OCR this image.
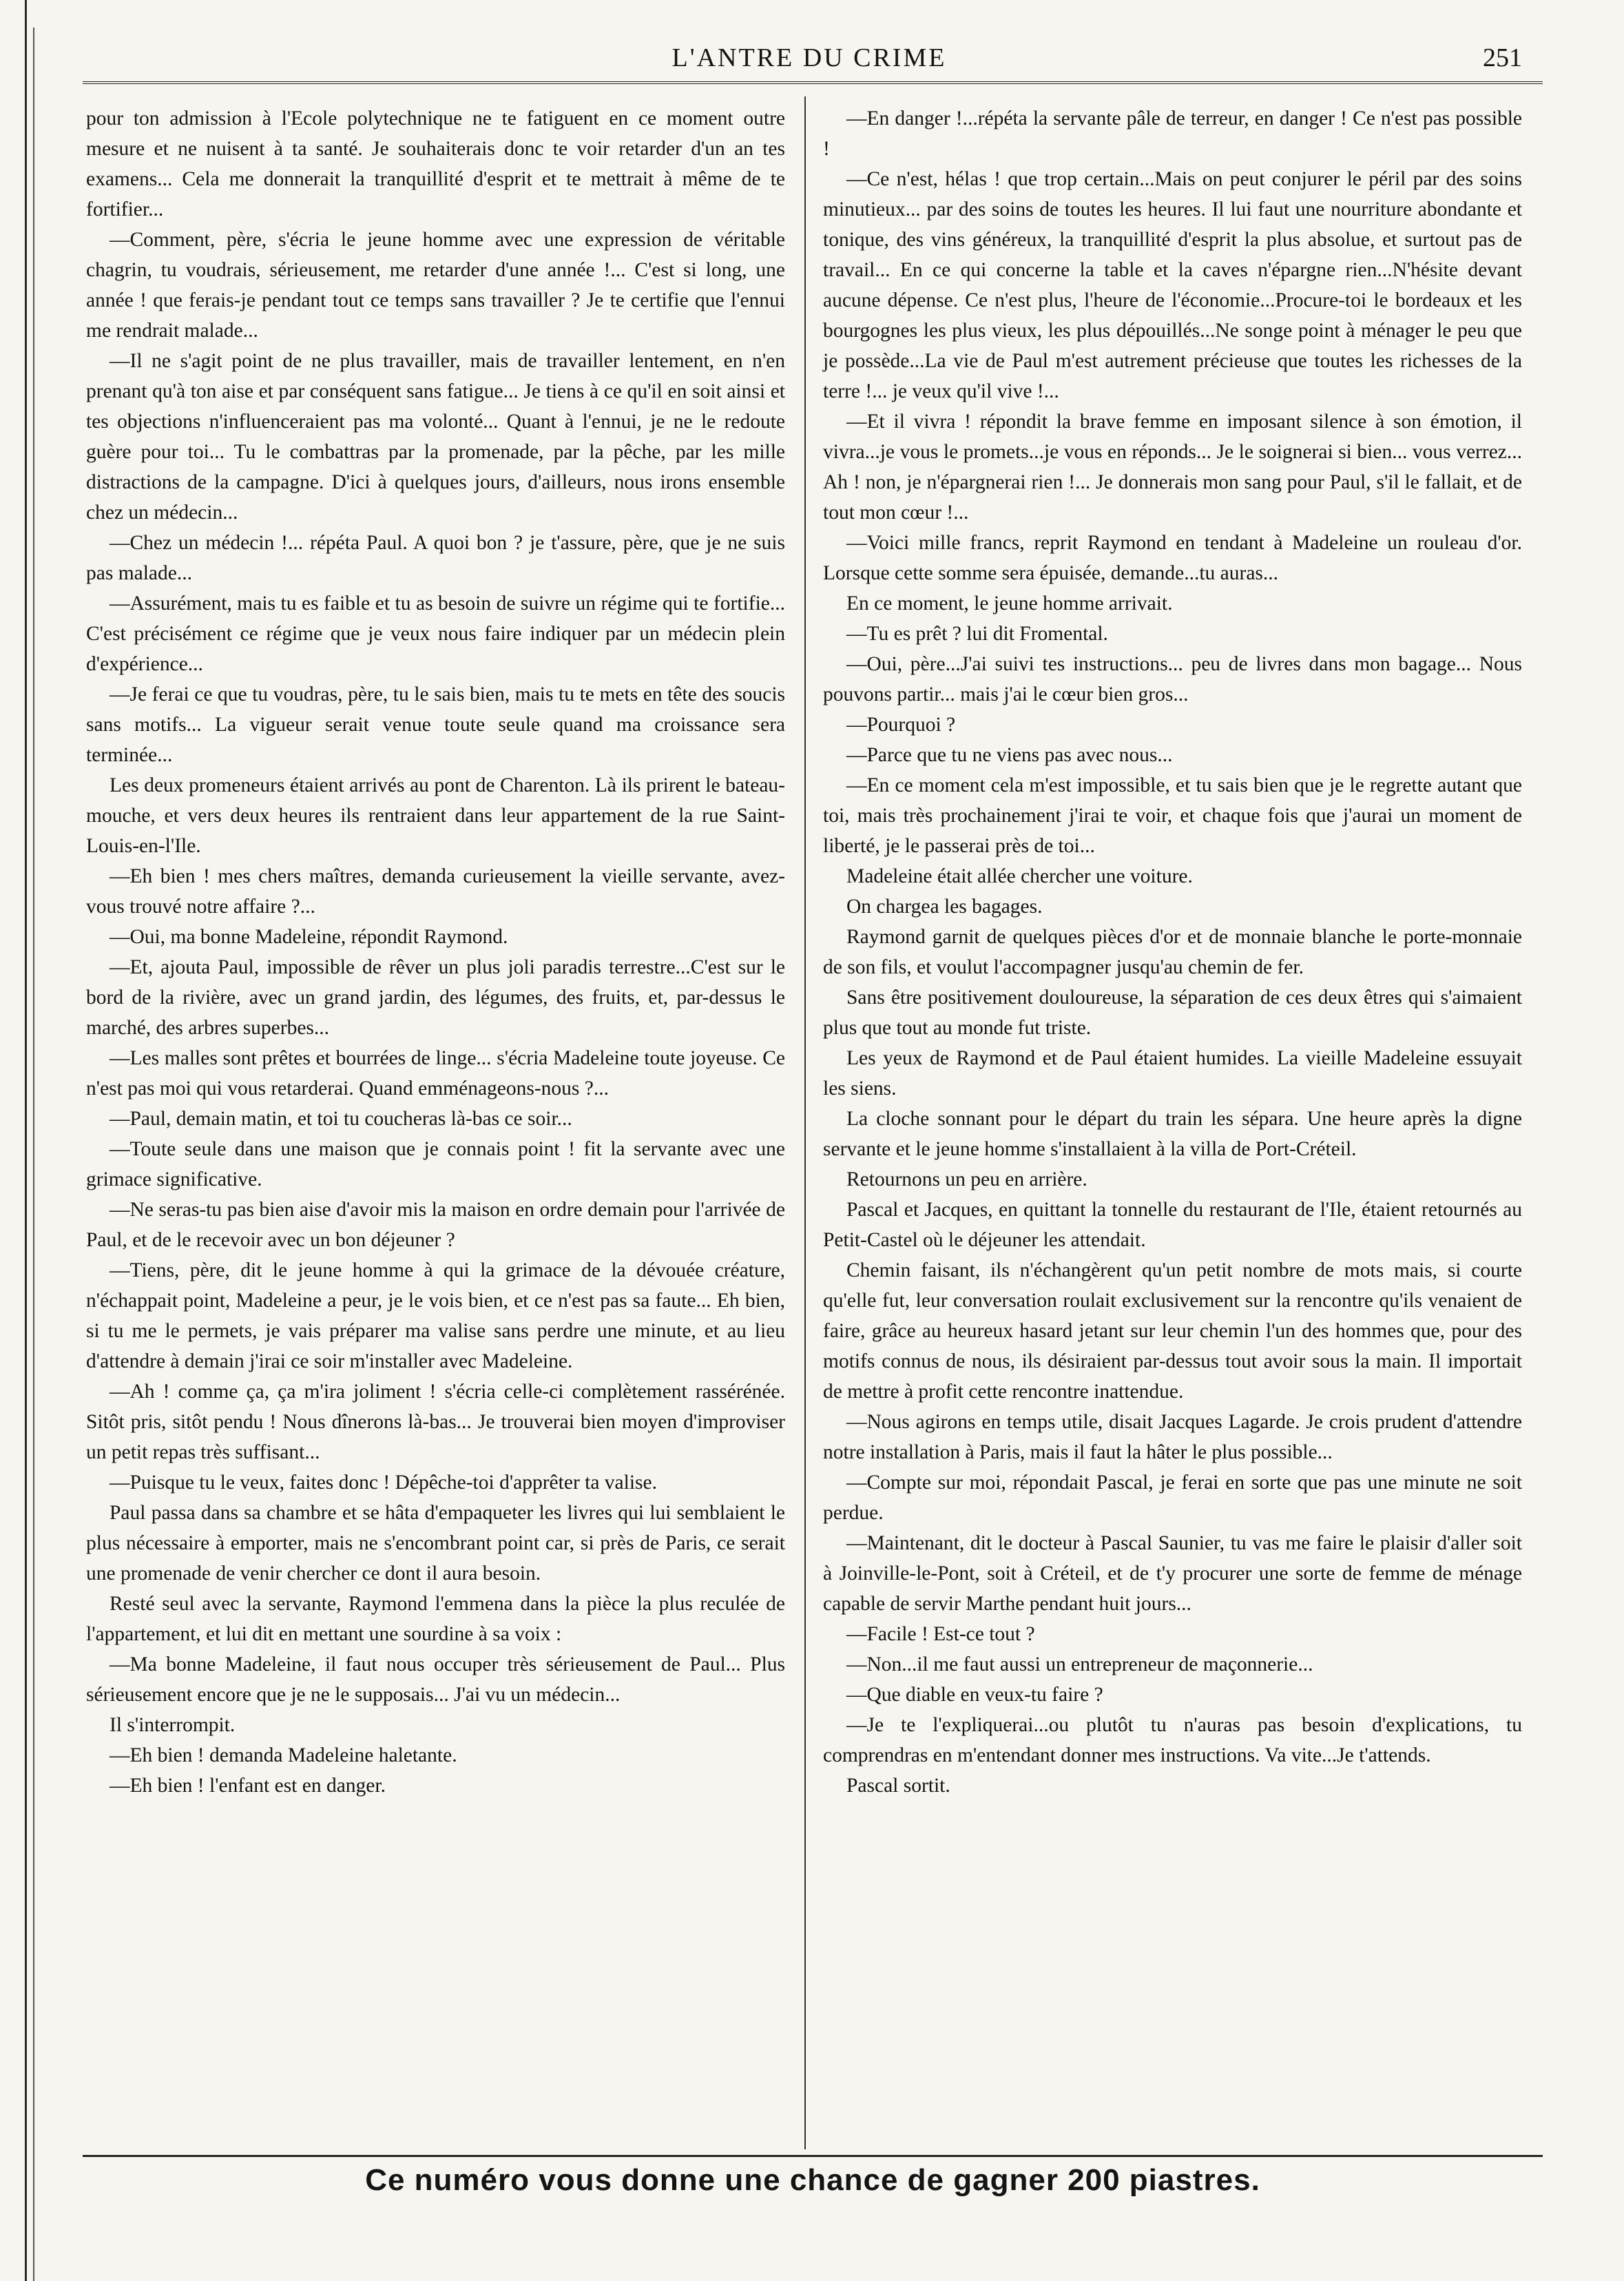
L'ANTRE DU CRIME	251

pour ton admission à l'Ecole polytechnique ne te fatiguent en ce moment outre mesure et ne nuisent à ta santé. Je souhaiterais donc te voir retarder d'un an tes examens... Cela me donnerait la tranquillité d'esprit et te mettrait à même de te fortifier...

—Comment, père, s'écria le jeune homme avec une expression de véritable chagrin, tu voudrais, sérieusement, me retarder d'une année !... C'est si long, une année ! que ferais-je pendant tout ce temps sans travailler ? Je te certifie que l'ennui me rendrait malade...

—Il ne s'agit point de ne plus travailler, mais de travailler lentement, en n'en prenant qu'à ton aise et par conséquent sans fatigue... Je tiens à ce qu'il en soit ainsi et tes objections n'influenceraient pas ma volonté... Quant à l'ennui, je ne le redoute guère pour toi... Tu le combattras par la promenade, par la pêche, par les mille distractions de la campagne. D'ici à quelques jours, d'ailleurs, nous irons ensemble chez un médecin...

—Chez un médecin !... répéta Paul. A quoi bon ? je t'assure, père, que je ne suis pas malade...

—Assurément, mais tu es faible et tu as besoin de suivre un régime qui te fortifie... C'est précisément ce régime que je veux nous faire indiquer par un médecin plein d'expérience...

—Je ferai ce que tu voudras, père, tu le sais bien, mais tu te mets en tête des soucis sans motifs... La vigueur serait venue toute seule quand ma croissance sera terminée...

Les deux promeneurs étaient arrivés au pont de Charenton. Là ils prirent le bateau-mouche, et vers deux heures ils rentraient dans leur appartement de la rue Saint-Louis-en-l'Ile.

—Eh bien ! mes chers maîtres, demanda curieusement la vieille servante, avez-vous trouvé notre affaire ?...

—Oui, ma bonne Madeleine, répondit Raymond.

—Et, ajouta Paul, impossible de rêver un plus joli paradis terrestre...C'est sur le bord de la rivière, avec un grand jardin, des légumes, des fruits, et, par-dessus le marché, des arbres superbes...

—Les malles sont prêtes et bourrées de linge... s'écria Madeleine toute joyeuse. Ce n'est pas moi qui vous retarderai. Quand emménageons-nous ?...

—Paul, demain matin, et toi tu coucheras là-bas ce soir...

—Toute seule dans une maison que je connais point ! fit la servante avec une grimace significative.

—Ne seras-tu pas bien aise d'avoir mis la maison en ordre demain pour l'arrivée de Paul, et de le recevoir avec un bon déjeuner ?

—Tiens, père, dit le jeune homme à qui la grimace de la dévouée créature, n'échappait point, Madeleine a peur, je le vois bien, et ce n'est pas sa faute... Eh bien, si tu me le permets, je vais préparer ma valise sans perdre une minute, et au lieu d'attendre à demain j'irai ce soir m'installer avec Madeleine.

—Ah ! comme ça, ça m'ira joliment ! s'écria celle-ci complètement rassérénée. Sitôt pris, sitôt pendu ! Nous dînerons là-bas... Je trouverai bien moyen d'improviser un petit repas très suffisant...

—Puisque tu le veux, faites donc ! Dépêche-toi d'apprêter ta valise.

Paul passa dans sa chambre et se hâta d'empaqueter les livres qui lui semblaient le plus nécessaire à emporter, mais ne s'encombrant point car, si près de Paris, ce serait une promenade de venir chercher ce dont il aura besoin.

Resté seul avec la servante, Raymond l'emmena dans la pièce la plus reculée de l'appartement, et lui dit en mettant une sourdine à sa voix :

—Ma bonne Madeleine, il faut nous occuper très sérieusement de Paul... Plus sérieusement encore que je ne le supposais... J'ai vu un médecin...

Il s'interrompit.

—Eh bien ! demanda Madeleine haletante.

—Eh bien ! l'enfant est en danger.

—En danger !...répéta la servante pâle de terreur, en danger ! Ce n'est pas possible !

—Ce n'est, hélas ! que trop certain...Mais on peut conjurer le péril par des soins minutieux... par des soins de toutes les heures. Il lui faut une nourriture abondante et tonique, des vins généreux, la tranquillité d'esprit la plus absolue, et surtout pas de travail... En ce qui concerne la table et la caves n'épargne rien...N'hésite devant aucune dépense. Ce n'est plus, l'heure de l'économie...Procure-toi le bordeaux et les bourgognes les plus vieux, les plus dépouillés...Ne songe point à ménager le peu que je possède...La vie de Paul m'est autrement précieuse que toutes les richesses de la terre !... je veux qu'il vive !...

—Et il vivra ! répondit la brave femme en imposant silence à son émotion, il vivra...je vous le promets...je vous en réponds... Je le soignerai si bien... vous verrez... Ah ! non, je n'épargnerai rien !... Je donnerais mon sang pour Paul, s'il le fallait, et de tout mon cœur !...

—Voici mille francs, reprit Raymond en tendant à Madeleine un rouleau d'or. Lorsque cette somme sera épuisée, demande...tu auras...

En ce moment, le jeune homme arrivait.

—Tu es prêt ? lui dit Fromental.

—Oui, père...J'ai suivi tes instructions... peu de livres dans mon bagage... Nous pouvons partir... mais j'ai le cœur bien gros...

—Pourquoi ?

—Parce que tu ne viens pas avec nous...

—En ce moment cela m'est impossible, et tu sais bien que je le regrette autant que toi, mais très prochainement j'irai te voir, et chaque fois que j'aurai un moment de liberté, je le passerai près de toi...

Madeleine était allée chercher une voiture.

On chargea les bagages.

Raymond garnit de quelques pièces d'or et de monnaie blanche le porte-monnaie de son fils, et voulut l'accompagner jusqu'au chemin de fer.

Sans être positivement douloureuse, la séparation de ces deux êtres qui s'aimaient plus que tout au monde fut triste.

Les yeux de Raymond et de Paul étaient humides. La vieille Madeleine essuyait les siens.

La cloche sonnant pour le départ du train les sépara. Une heure après la digne servante et le jeune homme s'installaient à la villa de Port-Créteil.

Retournons un peu en arrière.

Pascal et Jacques, en quittant la tonnelle du restaurant de l'Ile, étaient retournés au Petit-Castel où le déjeuner les attendait.

Chemin faisant, ils n'échangèrent qu'un petit nombre de mots mais, si courte qu'elle fut, leur conversation roulait exclusivement sur la rencontre qu'ils venaient de faire, grâce au heureux hasard jetant sur leur chemin l'un des hommes que, pour des motifs connus de nous, ils désiraient par-dessus tout avoir sous la main. Il importait de mettre à profit cette rencontre inattendue.

—Nous agirons en temps utile, disait Jacques Lagarde. Je crois prudent d'attendre notre installation à Paris, mais il faut la hâter le plus possible...

—Compte sur moi, répondait Pascal, je ferai en sorte que pas une minute ne soit perdue.

—Maintenant, dit le docteur à Pascal Saunier, tu vas me faire le plaisir d'aller soit à Joinville-le-Pont, soit à Créteil, et de t'y procurer une sorte de femme de ménage capable de servir Marthe pendant huit jours...

—Facile ! Est-ce tout ?

—Non...il me faut aussi un entrepreneur de maçonnerie...

—Que diable en veux-tu faire ?

—Je te l'expliquerai...ou plutôt tu n'auras pas besoin d'explications, tu comprendras en m'entendant donner mes instructions. Va vite...Je t'attends.

Pascal sortit.

Ce numéro vous donne une chance de gagner 200 piastres.
